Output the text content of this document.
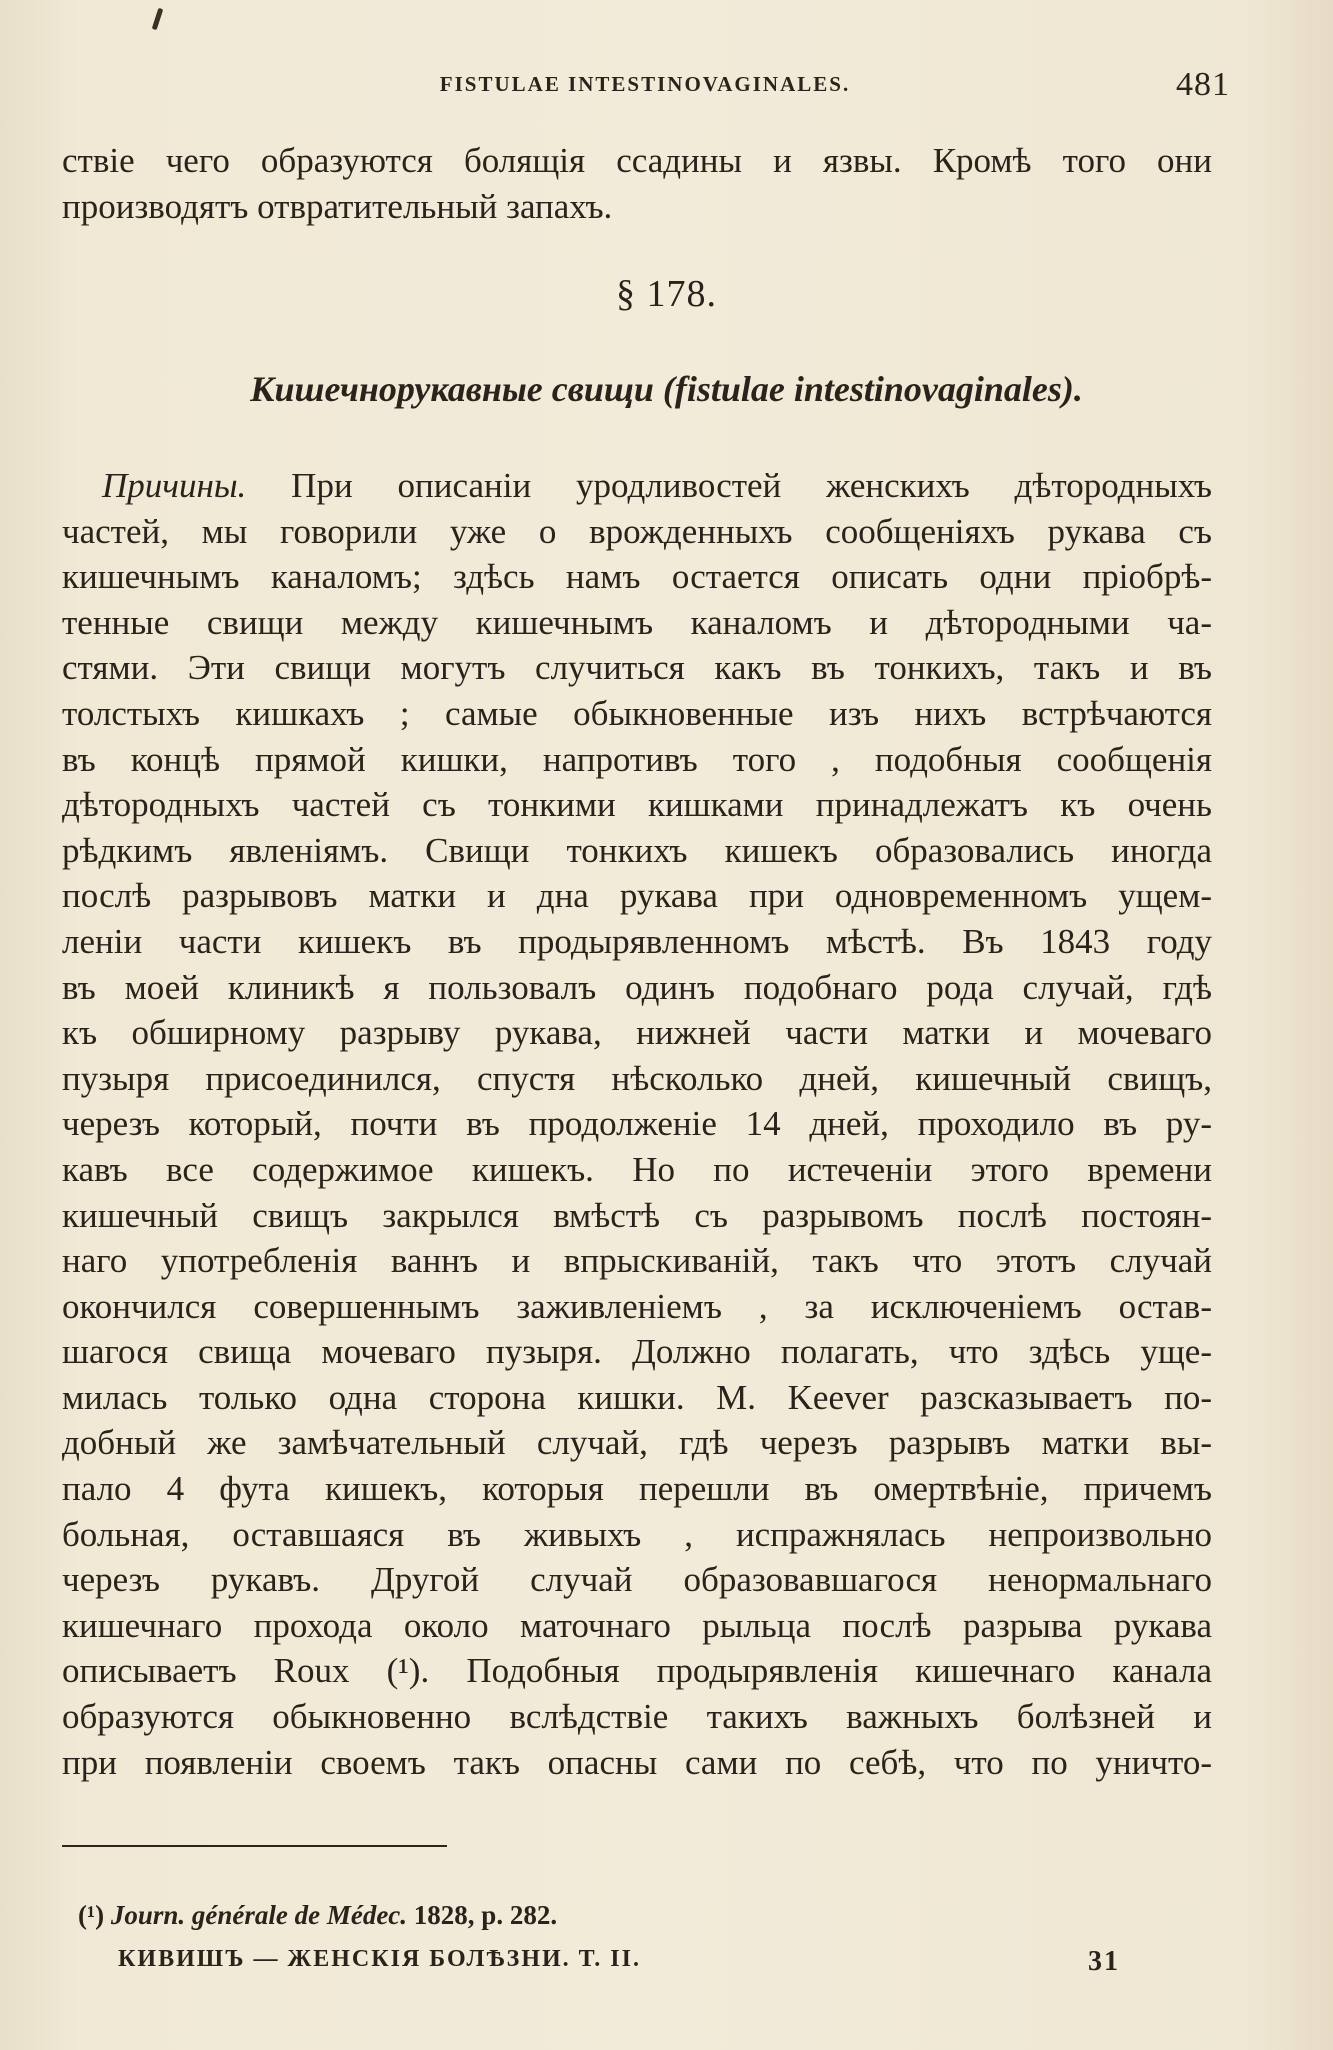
FISTULAE INTESTINOVAGINALES.	481
ствіе чего образуются болящія ссадины и язвы. Кромѣ того они
производятъ отвратительный запахъ.
§ 178.
Кишечнорукавные свищи (fistulae intestinovaginales).
Причины. При описаніи уродливостей женскихъ дѣтородныхъ
частей, мы говорили уже о врожденныхъ сообщеніяхъ рукава съ
кишечнымъ каналомъ; здѣсь намъ остается описать одни пріобрѣ-
тенные свищи между кишечнымъ каналомъ и дѣтородными ча-
стями. Эти свищи могутъ случиться какъ въ тонкихъ, такъ и въ
толстыхъ кишкахъ ; самые обыкновенные изъ нихъ встрѣчаются
въ концѣ прямой кишки, напротивъ того , подобныя сообщенія
дѣтородныхъ частей съ тонкими кишками принадлежатъ къ очень
рѣдкимъ явленіямъ. Свищи тонкихъ кишекъ образовались иногда
послѣ разрывовъ матки и дна рукава при одновременномъ ущем-
леніи части кишекъ въ продырявленномъ мѣстѣ. Въ 1843 году
въ моей клиникѣ я пользовалъ одинъ подобнаго рода случай, гдѣ
къ обширному разрыву рукава, нижней части матки и мочеваго
пузыря присоединился, спустя нѣсколько дней, кишечный свищъ,
черезъ который, почти въ продолженіе 14 дней, проходило въ ру-
кавъ все содержимое кишекъ. Но по истеченіи этого времени
кишечный свищъ закрылся вмѣстѣ съ разрывомъ послѣ постоян-
наго употребленія ваннъ и впрыскиваній, такъ что этотъ случай
окончился совершеннымъ заживленіемъ , за исключеніемъ остав-
шагося свища мочеваго пузыря. Должно полагать, что здѣсь уще-
милась только одна сторона кишки. M. Keever разсказываетъ по-
добный же замѣчательный случай, гдѣ черезъ разрывъ матки вы-
пало 4 фута кишекъ, которыя перешли въ омертвѣніе, причемъ
больная, оставшаяся въ живыхъ , испражнялась непроизвольно
черезъ рукавъ. Другой случай образовавшагося ненормальнаго
кишечнаго прохода около маточнаго рыльца послѣ разрыва рукава
описываетъ Roux (¹). Подобныя продырявленія кишечнаго канала
образуются обыкновенно вслѣдствіе такихъ важныхъ болѣзней и
при появленіи своемъ такъ опасны сами по себѣ, что по уничто-
(¹) Journ. générale de Médec. 1828, p. 282.
КИВИШЪ — ЖЕНСКІЯ БОЛѢЗНИ. Т. II.	31
